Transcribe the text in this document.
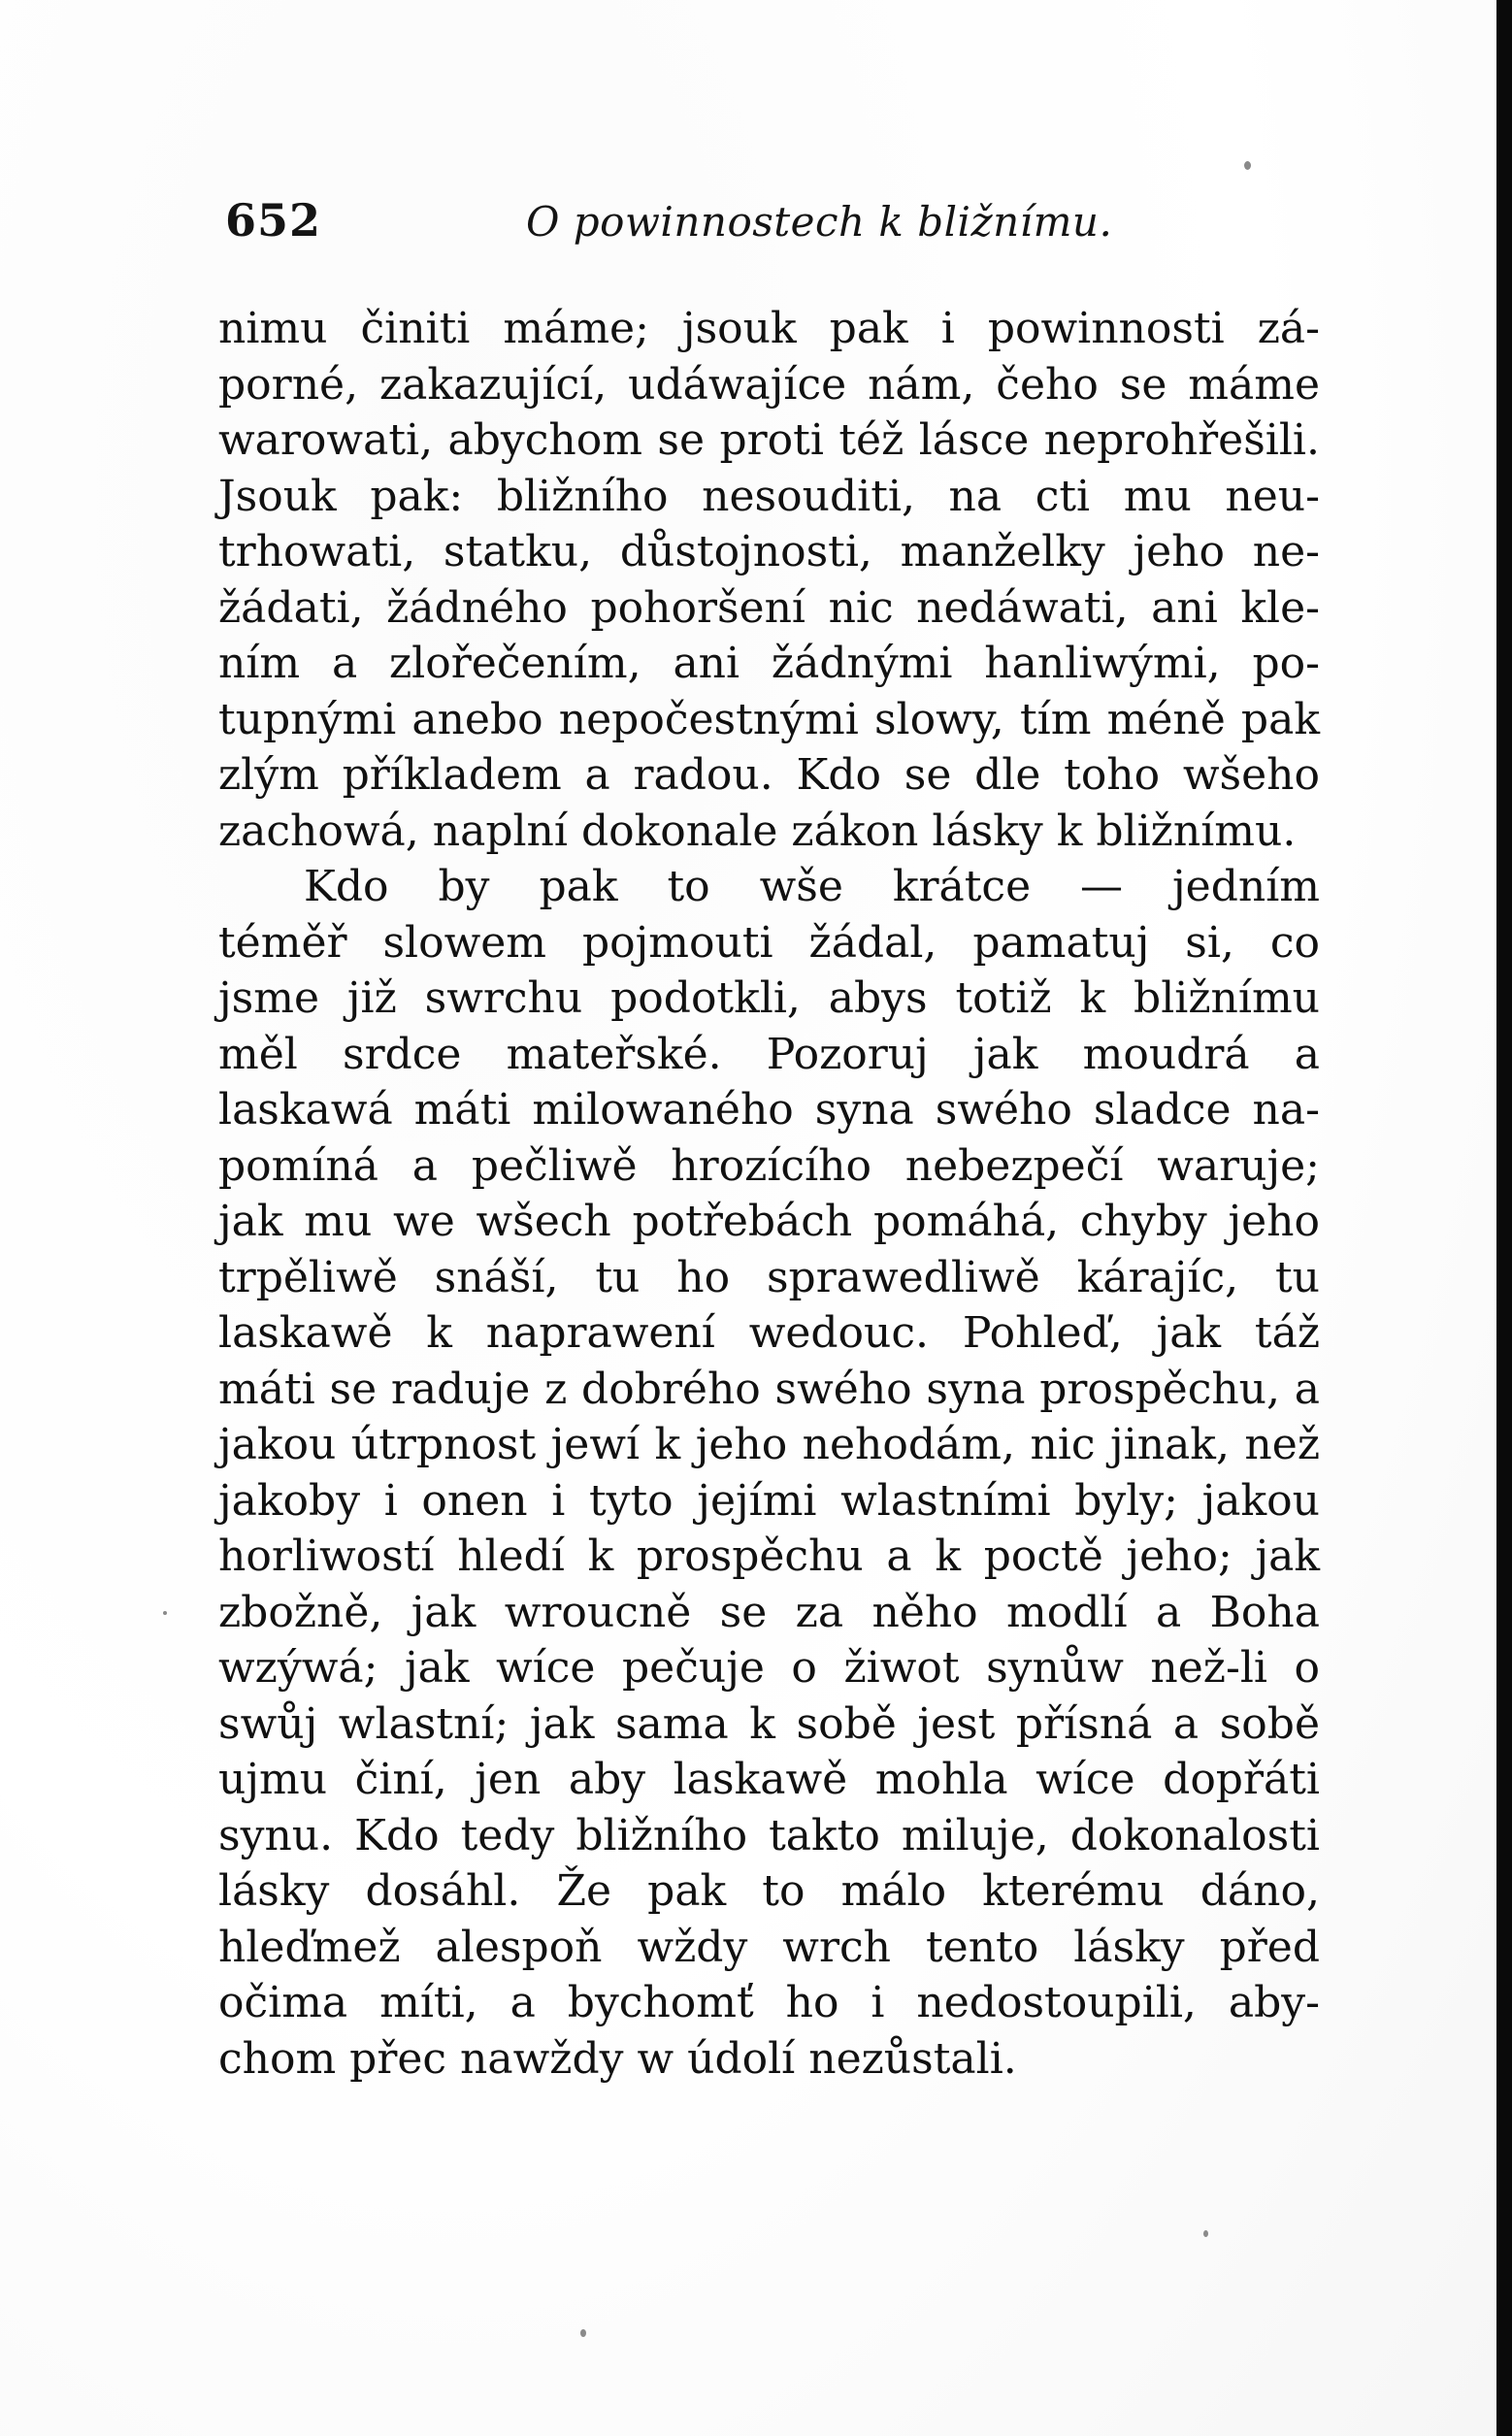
652	O powinnostech k bližnímu.
nimu činiti máme; jsouk pak i powinnosti zá-
porné, zakazující, udáwajíce nám, čeho se máme
warowati, abychom se proti též lásce neprohřešili.
Jsouk pak: bližního nesouditi, na cti mu neu-
trhowati, statku, důstojnosti, manželky jeho ne-
žádati, žádného pohoršení nic nedáwati, ani kle-
ním a zlořečením, ani žádnými hanliwými, po-
tupnými anebo nepočestnými slowy, tím méně pak
zlým příkladem a radou. Kdo se dle toho wšeho
zachowá, naplní dokonale zákon lásky k bližnímu.
Kdo by pak to wše krátce — jedním
téměř slowem pojmouti žádal, pamatuj si, co
jsme již swrchu podotkli, abys totiž k bližnímu
měl srdce mateřské. Pozoruj jak moudrá a
laskawá máti milowaného syna swého sladce na-
pomíná a pečliwě hrozícího nebezpečí waruje;
jak mu we wšech potřebách pomáhá, chyby jeho
trpěliwě snáší, tu ho sprawedliwě kárajíc, tu
laskawě k naprawení wedouc. Pohleď, jak táž
máti se raduje z dobrého swého syna prospěchu, a
jakou útrpnost jewí k jeho nehodám, nic jinak, než
jakoby i onen i tyto jejími wlastními byly; jakou
horliwostí hledí k prospěchu a k poctě jeho; jak
zbožně, jak wroucně se za něho modlí a Boha
wzýwá; jak wíce pečuje o žiwot synůw než-li o
swůj wlastní; jak sama k sobě jest přísná a sobě
ujmu činí, jen aby laskawě mohla wíce dopřáti
synu. Kdo tedy bližního takto miluje, dokonalosti
lásky dosáhl. Že pak to málo kterému dáno,
hleďmež alespoň wždy wrch tento lásky před
očima míti, a bychomť ho i nedostoupili, aby-
chom přec nawždy w údolí nezůstali.
